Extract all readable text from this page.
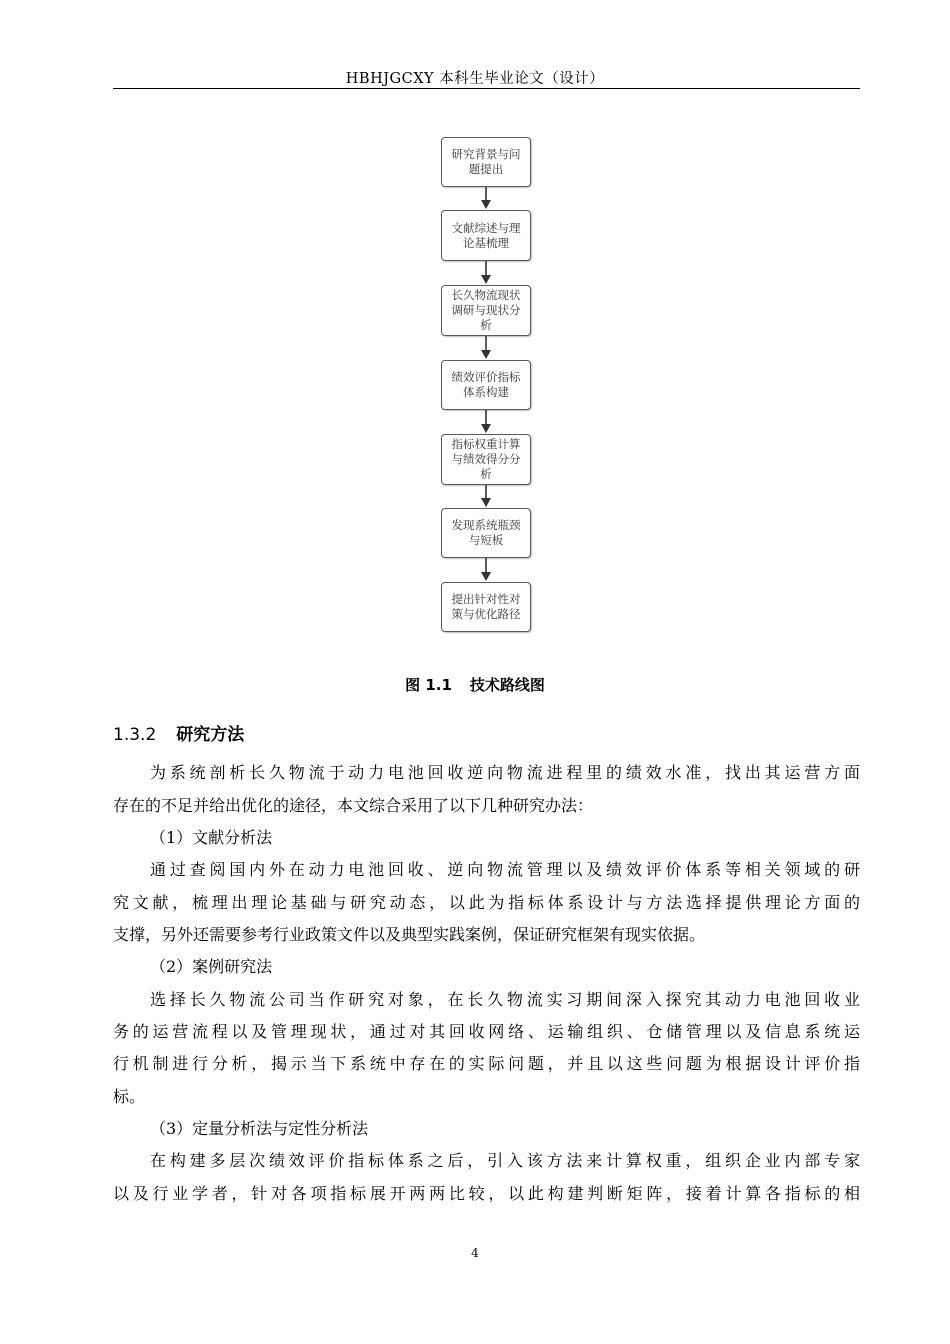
HBHJGCXY 本科生毕业论文（设计）
研究背景与问题提出
文献综述与理论基梳理
长久物流现状调研与现状分析
绩效评价指标体系构建
指标权重计算与绩效得分分析
发现系统瓶颈与短板
提出针对性对策与优化路径
图 1.1 技术路线图
1.3.2 研究方法
为系统剖析长久物流于动力电池回收逆向物流进程里的绩效水准，找出其运营方面
存在的不足并给出优化的途径，本文综合采用了以下几种研究办法：
（1）文献分析法
通过查阅国内外在动力电池回收、逆向物流管理以及绩效评价体系等相关领域的研
究文献，梳理出理论基础与研究动态，以此为指标体系设计与方法选择提供理论方面的
支撑，另外还需要参考行业政策文件以及典型实践案例，保证研究框架有现实依据。
（2）案例研究法
选择长久物流公司当作研究对象，在长久物流实习期间深入探究其动力电池回收业
务的运营流程以及管理现状，通过对其回收网络、运输组织、仓储管理以及信息系统运
行机制进行分析，揭示当下系统中存在的实际问题，并且以这些问题为根据设计评价指
标。
（3）定量分析法与定性分析法
在构建多层次绩效评价指标体系之后，引入该方法来计算权重，组织企业内部专家
以及行业学者，针对各项指标展开两两比较，以此构建判断矩阵，接着计算各指标的相
4
